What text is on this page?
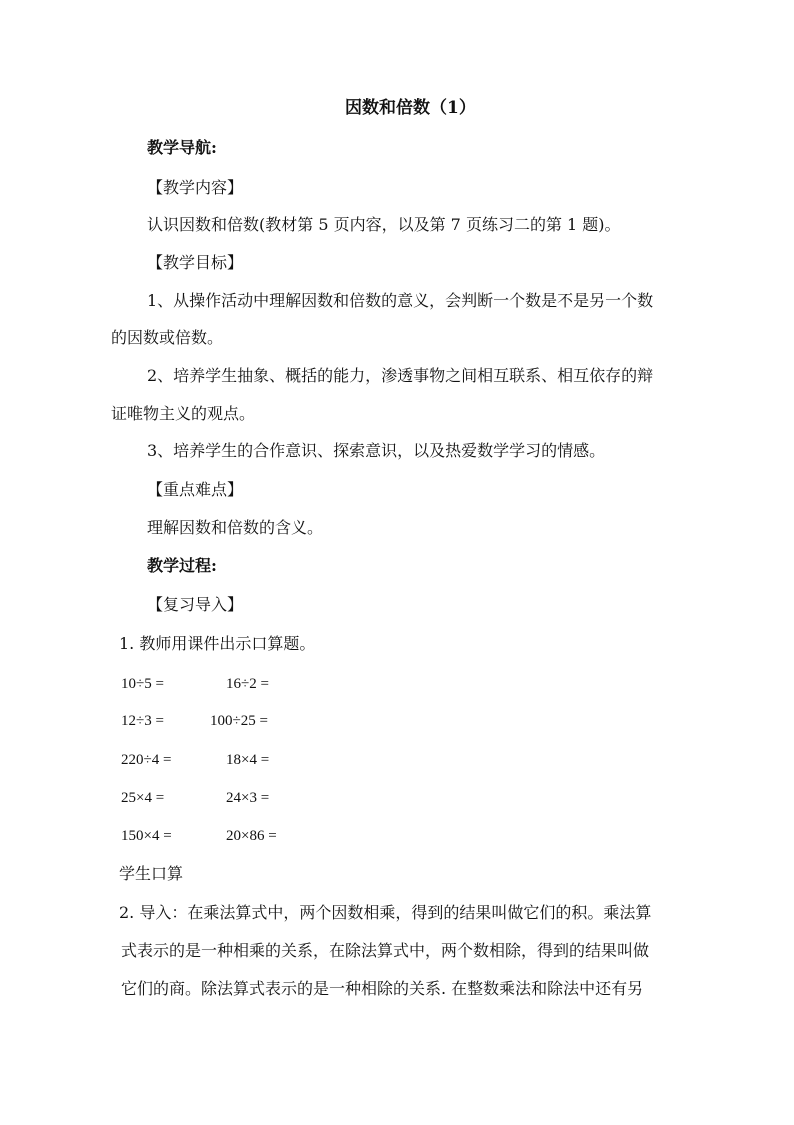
因数和倍数（1）
教学导航:
【教学内容】
认识因数和倍数(教材第 5 页内容，以及第 7 页练习二的第 1 题)。
【教学目标】
1、从操作活动中理解因数和倍数的意义，会判断一个数是不是另一个数
的因数或倍数。
2、培养学生抽象、概括的能力，渗透事物之间相互联系、相互依存的辩
证唯物主义的观点。
3、培养学生的合作意识、探索意识，以及热爱数学学习的情感。
【重点难点】
理解因数和倍数的含义。
教学过程:
【复习导入】
1. 教师用课件出示口算题。
10÷5 =	16÷2 =
12÷3 =	100÷25 =
220÷4 =	18×4 =
25×4 =	24×3 =
150×4 =	20×86 =
学生口算
2. 导入：在乘法算式中，两个因数相乘，得到的结果叫做它们的积。乘法算
式表示的是一种相乘的关系，在除法算式中，两个数相除，得到的结果叫做
它们的商。除法算式表示的是一种相除的关系. 在整数乘法和除法中还有另
